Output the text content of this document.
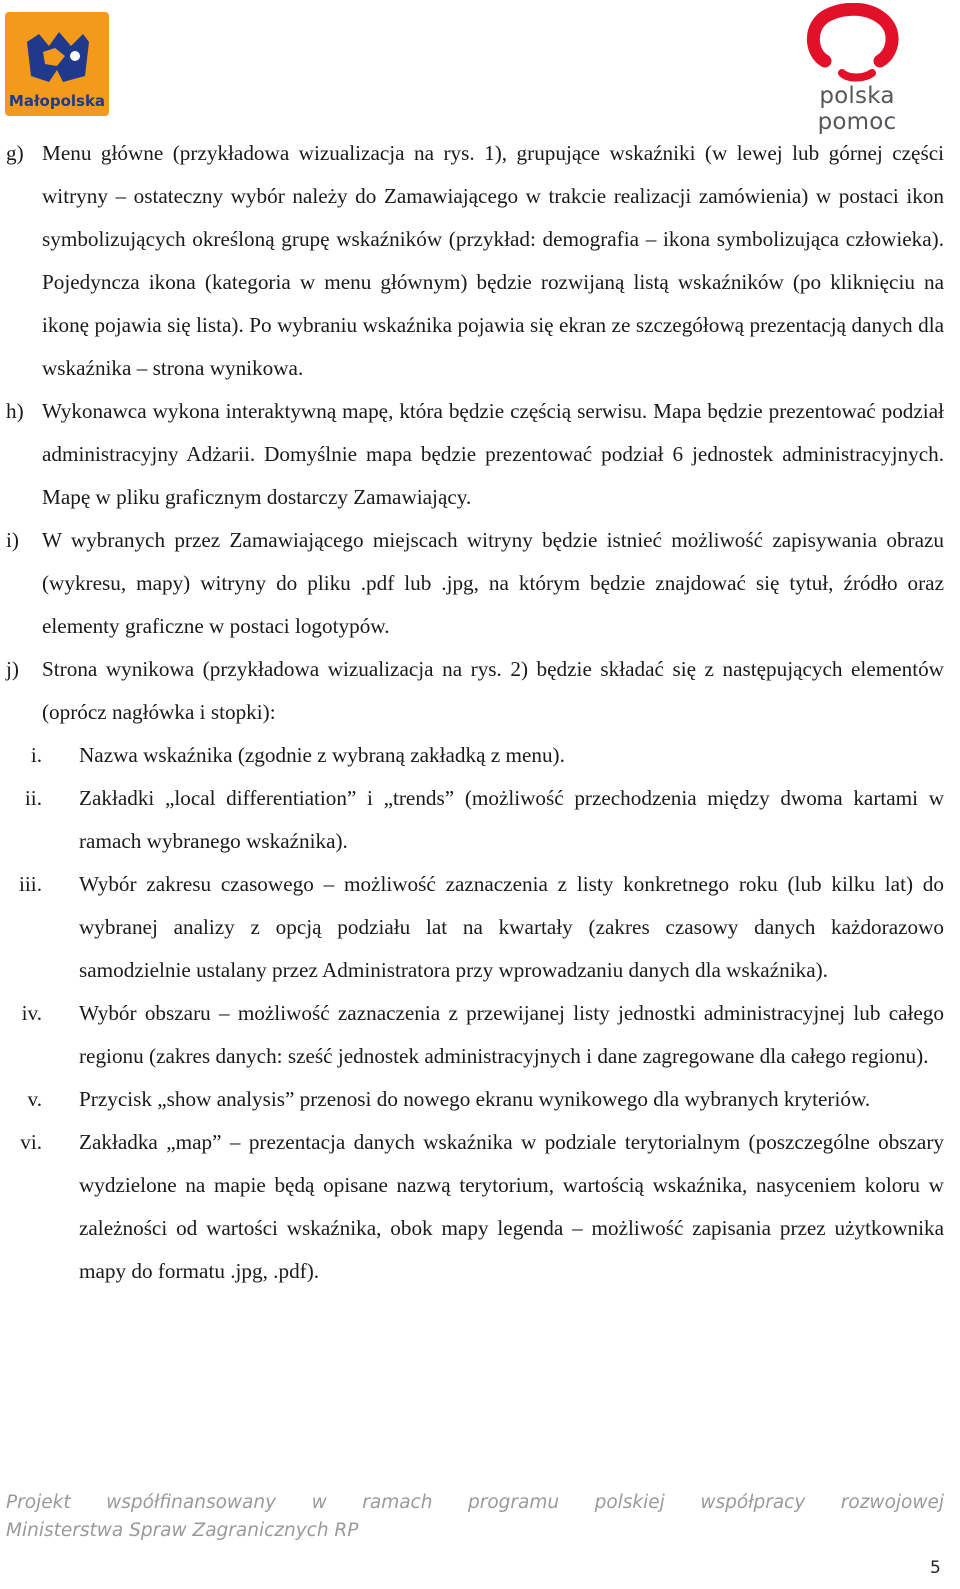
Małopolska	polska pomoc
g) Menu główne (przykładowa wizualizacja na rys. 1), grupujące wskaźniki (w lewej lub górnej części witryny – ostateczny wybór należy do Zamawiającego w trakcie realizacji zamówienia) w postaci ikon symbolizujących określoną grupę wskaźników (przykład: demografia – ikona symbolizująca człowieka). Pojedyncza ikona (kategoria w menu głównym) będzie rozwijaną listą wskaźników (po kliknięciu na ikonę pojawia się lista). Po wybraniu wskaźnika pojawia się ekran ze szczegółową prezentacją danych dla wskaźnika – strona wynikowa.
h) Wykonawca wykona interaktywną mapę, która będzie częścią serwisu. Mapa będzie prezentować podział administracyjny Adżarii. Domyślnie mapa będzie prezentować podział 6 jednostek administracyjnych. Mapę w pliku graficznym dostarczy Zamawiający.
i) W wybranych przez Zamawiającego miejscach witryny będzie istnieć możliwość zapisywania obrazu (wykresu, mapy) witryny do pliku .pdf lub .jpg, na którym będzie znajdować się tytuł, źródło oraz elementy graficzne w postaci logotypów.
j) Strona wynikowa (przykładowa wizualizacja na rys. 2) będzie składać się z następujących elementów (oprócz nagłówka i stopki):
i. Nazwa wskaźnika (zgodnie z wybraną zakładką z menu).
ii. Zakładki „local differentiation” i „trends” (możliwość przechodzenia między dwoma kartami w ramach wybranego wskaźnika).
iii. Wybór zakresu czasowego – możliwość zaznaczenia z listy konkretnego roku (lub kilku lat) do wybranej analizy z opcją podziału lat na kwartały (zakres czasowy danych każdorazowo samodzielnie ustalany przez Administratora przy wprowadzaniu danych dla wskaźnika).
iv. Wybór obszaru – możliwość zaznaczenia z przewijanej listy jednostki administracyjnej lub całego regionu (zakres danych: sześć jednostek administracyjnych i dane zagregowane dla całego regionu).
v. Przycisk „show analysis” przenosi do nowego ekranu wynikowego dla wybranych kryteriów.
vi. Zakładka „map” – prezentacja danych wskaźnika w podziale terytorialnym (poszczególne obszary wydzielone na mapie będą opisane nazwą terytorium, wartością wskaźnika, nasyceniem koloru w zależności od wartości wskaźnika, obok mapy legenda – możliwość zapisania przez użytkownika mapy do formatu .jpg, .pdf).
Projekt współfinansowany w ramach programu polskiej współpracy rozwojowej
Ministerstwa Spraw Zagranicznych RP
5
